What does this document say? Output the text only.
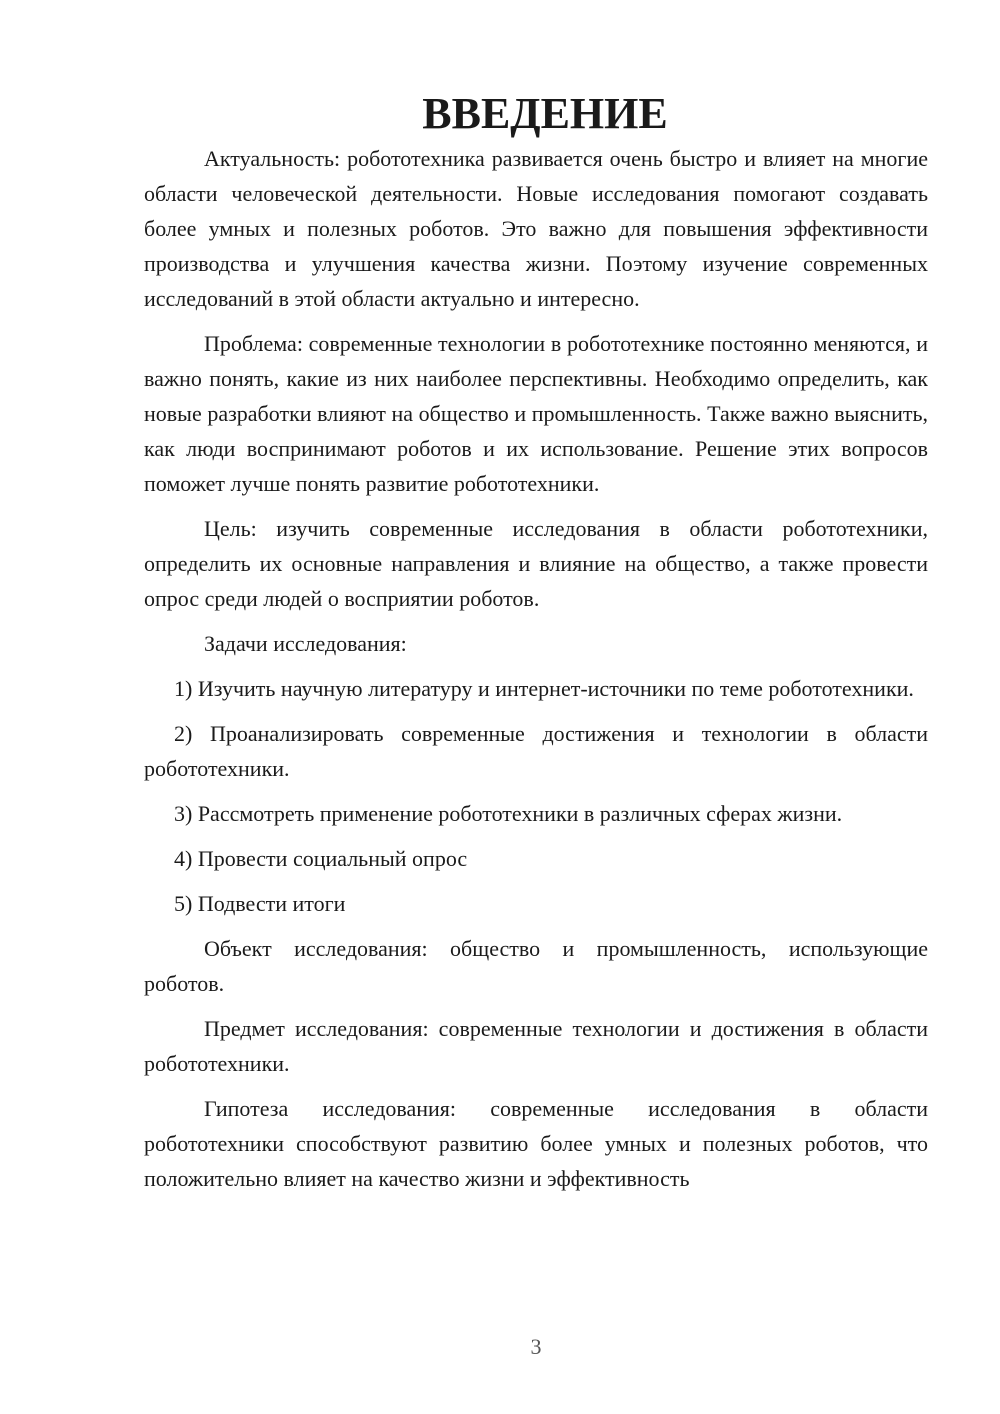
ВВЕДЕНИЕ

Актуальность: робототехника развивается очень быстро и влияет на многие области человеческой деятельности. Новые исследования помогают создавать более умных и полезных роботов. Это важно для повышения эффективности производства и улучшения качества жизни. Поэтому изучение современных исследований в этой области актуально и интересно.

Проблема: современные технологии в робототехнике постоянно меняются, и важно понять, какие из них наиболее перспективны. Необходимо определить, как новые разработки влияют на общество и промышленность. Также важно выяснить, как люди воспринимают роботов и их использование. Решение этих вопросов поможет лучше понять развитие робототехники.

Цель: изучить современные исследования в области робототехники, определить их основные направления и влияние на общество, а также провести опрос среди людей о восприятии роботов.

Задачи исследования:

1) Изучить научную литературу и интернет-источники по теме робототехники.
2) Проанализировать современные достижения и технологии в области робототехники.
3) Рассмотреть применение робототехники в различных сферах жизни.
4) Провести социальный опрос
5) Подвести итоги

Объект исследования: общество и промышленность, использующие роботов.

Предмет исследования: современные технологии и достижения в области робототехники.

Гипотеза исследования: современные исследования в области робототехники способствуют развитию более умных и полезных роботов, что положительно влияет на качество жизни и эффективность

3
